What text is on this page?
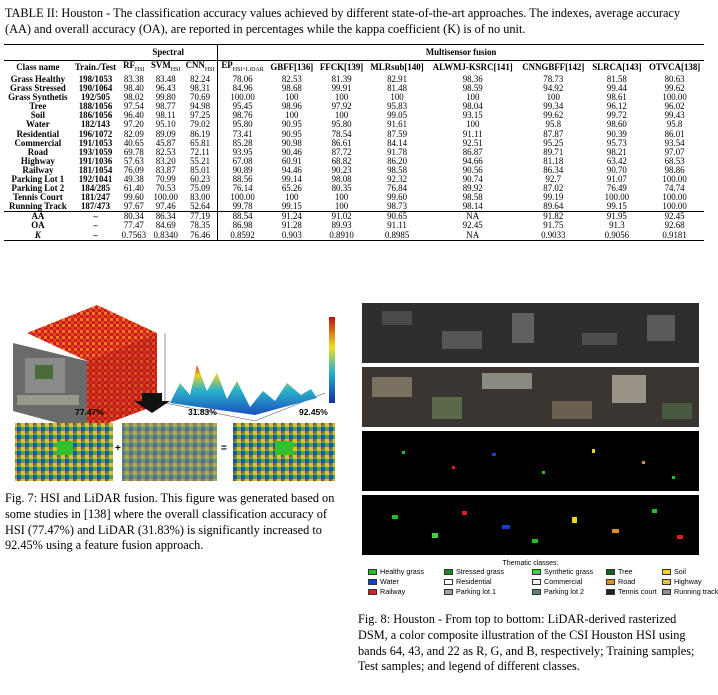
TABLE II: Houston - The classification accuracy values achieved by different state-of-the-art approaches. The indexes, average accuracy (AA) and overall accuracy (OA), are reported in percentages while the kappa coefficient (K) is of no unit.
		Spectral			Multisensor fusion							
Class name	Train./Test	$RF_{HSI}$	$SVM_{HSI}$	$CNN_{HSI}$	$EP_{HSI+LiDAR}$	GBFF[136]	FFCK[139]	MLRsub[140]	ALWMJ-KSRC[141]	CNNGBFF[142]	SLRCA[143]	OTVCA[138]
Grass Healthy	198/1053	83.38	83.48	82.24	78.06	82.53	81.39	82.91	98.36	78.73	81.58	80.63
Grass Stressed	190/1064	98.40	96.43	98.31	84.96	98.68	99.91	81.48	98.59	94.92	99.44	99.62
Grass Synthetis	192/505	98.02	99.80	70.69	100.00	100	100	100	100	100	98.61	100.00
Tree	188/1056	97.54	98.77	94.98	95.45	98.96	97.92	95.83	98.04	99.34	96.12	96.02
Soil	186/1056	96.40	98.11	97.25	98.76	100	100	99.05	93.15	99.62	99.72	99.43
Water	182/143	97.20	95.10	79.02	95.80	90.95	95.80	91.61	100	95.8	98.60	95.8
Residential	196/1072	82.09	89.09	86.19	73.41	90.95	78.54	87.59	91.11	87.87	90.39	86.01
Commercial	191/1053	40.65	45.87	65.81	85.28	90.98	86.61	84.14	92.51	95.25	95.73	93.54
Road	193/1059	69.78	82.53	72.11	93.95	90.46	87.72	91.78	86.87	89.71	98.21	97.07
Highway	191/1036	57.63	83.20	55.21	67.08	60.91	68.82	86.20	94.66	81.18	63.42	68.53
Railway	181/1054	76.09	83.87	85.01	90.89	94.46	90.23	98.58	90.56	86.34	90.70	98.86
Parking Lot 1	192/1041	49.38	70.99	60.23	88.56	99.14	98.08	92.32	90.74	92.7	91.07	100.00
Parking Lot 2	184/285	61.40	70.53	75.09	76.14	65.26	80.35	76.84	89.92	87.02	76.49	74.74
Tennis Court	181/247	99.60	100.00	83.00	100.00	100	100	99.60	98.58	99.19	100.00	100.00
Running Track	187/473	97.67	97.46	52.64	99.78	99.15	100	98.73	98.14	89.64	99.15	100.00
AA	–	80.34	86.34	77.19	88.54	91.24	91.02	90.65	NA	91.82	91.95	92.45
OA	–	77.47	84.69	78.35	86.98	91.28	89.93	91.11	92.45	91.75	91.3	92.68
K	–	0.7563	0.8340	76.46	0.8592	0.903	0.8910	0.8985	NA	0.9033	0.9056	0.9181
77.47%	31.83%	92.45%
+	=
Fig. 7: HSI and LiDAR fusion. This figure was generated based on some studies in [138] where the overall classification accuracy of HSI (77.47%) and LiDAR (31.83%) is significantly increased to 92.45% using a feature fusion approach.
Thematic classes:
Healthy grass	Stressed grass	Synthetic grass	Tree	Soil
Water	Residential	Commercial	Road	Highway
Railway	Parking lot 1	Parking lot 2	Tennis court Running track
Fig. 8: Houston - From top to bottom: LiDAR-derived rasterized DSM, a color composite illustration of the CSI Houston HSI using bands 64, 43, and 22 as R, G, and B, respectively; Training samples; Test samples; and legend of different classes.
